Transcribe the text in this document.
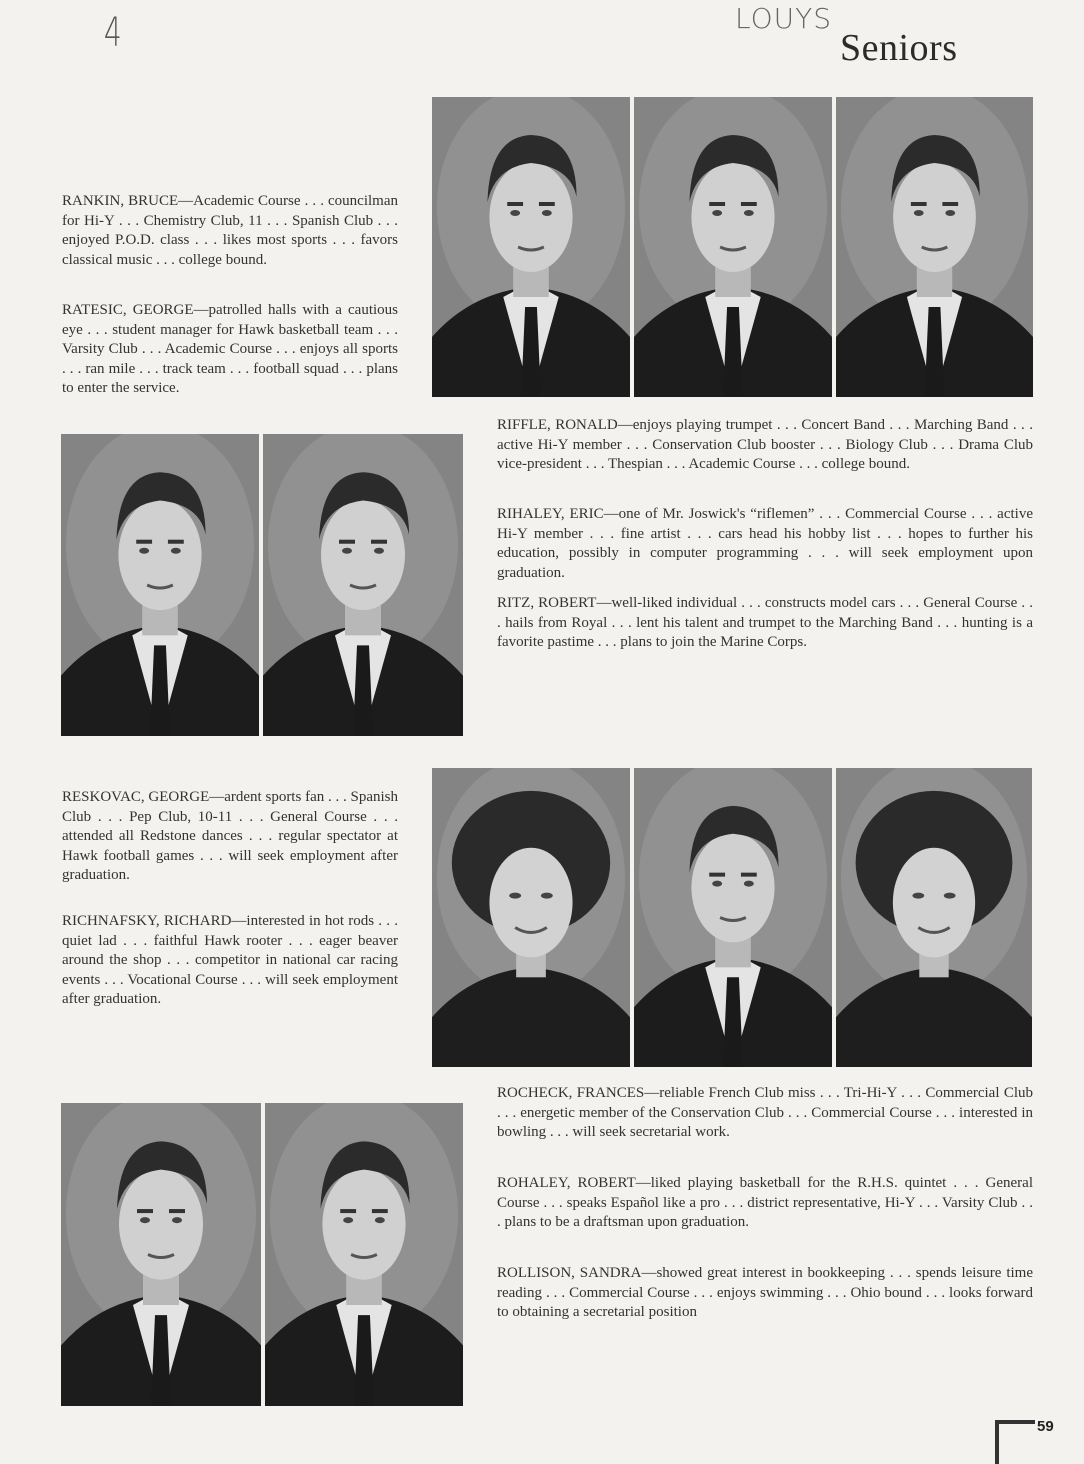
4	LOUYS
Seniors

RANKIN, BRUCE—Academic Course . . . councilman for Hi-Y . . . Chemistry Club, 11 . . . Spanish Club . . . enjoyed P.O.D. class . . . likes most sports . . . favors classical music . . . college bound.

RATESIC, GEORGE—patrolled halls with a cautious eye . . . student manager for Hawk basketball team . . . Varsity Club . . . Academic Course . . . enjoys all sports . . . ran mile . . . track team . . . football squad . . . plans to enter the service.

RIFFLE, RONALD—enjoys playing trumpet . . . Concert Band . . . Marching Band . . . active Hi-Y member . . . Conservation Club booster . . . Biology Club . . . Drama Club vice-president . . . Thespian . . . Academic Course . . . college bound.

RIHALEY, ERIC—one of Mr. Joswick's “riflemen” . . . Commercial Course . . . active Hi-Y member . . . fine artist . . . cars head his hobby list . . . hopes to further his education, possibly in computer programming . . . will seek employment upon graduation.

RITZ, ROBERT—well-liked individual . . . constructs model cars . . . General Course . . . hails from Royal . . . lent his talent and trumpet to the Marching Band . . . hunting is a favorite pastime . . . plans to join the Marine Corps.

RESKOVAC, GEORGE—ardent sports fan . . . Spanish Club . . . Pep Club, 10-11 . . . General Course . . . attended all Redstone dances . . . regular spectator at Hawk football games . . . will seek employment after graduation.

RICHNAFSKY, RICHARD—interested in hot rods . . . quiet lad . . . faithful Hawk rooter . . . eager beaver around the shop . . . competitor in national car racing events . . . Vocational Course . . . will seek employment after graduation.

ROCHECK, FRANCES—reliable French Club miss . . . Tri-Hi-Y . . . Commercial Club . . . energetic member of the Conservation Club . . . Commercial Course . . . interested in bowling . . . will seek secretarial work.

ROHALEY, ROBERT—liked playing basketball for the R.H.S. quintet . . . General Course . . . speaks Español like a pro . . . district representative, Hi-Y . . . Varsity Club . . . plans to be a draftsman upon graduation.

ROLLISON, SANDRA—showed great interest in bookkeeping . . . spends leisure time reading . . . Commercial Course . . . enjoys swimming . . . Ohio bound . . . looks forward to obtaining a secretarial position

59
